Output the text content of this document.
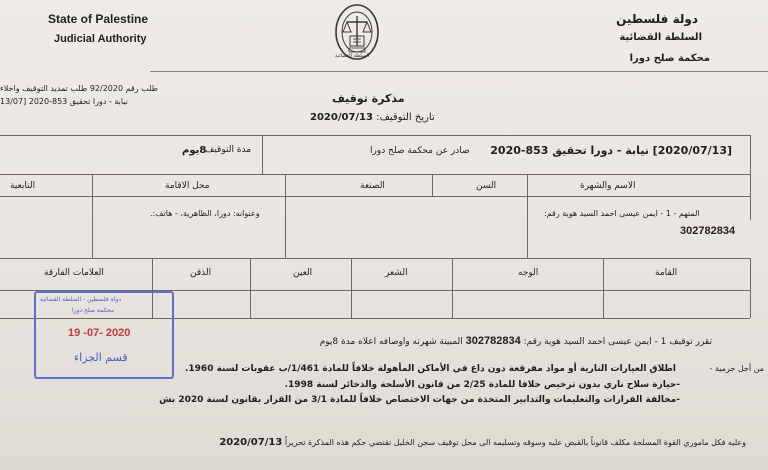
State of Palestine
Judicial Authority
دولة فلسطين
السلطة القضائية
محكمة صلح دورا
السلطة القضائية
طلب رقم 92/2020 طلب تمديد التوقيف واخلاء
نيابة - دورا تحقيق 853-2020 [13/07	مذكرة توقيف
تاريخ التوقيف: 2020/07/13
[2020/07/13] نيابة - دورا تحقيق 853-2020
صادر عن محكمة صلح دورا
مدة التوقيف
8يوم
الاسم والشهرة
السن
الصنعة
محل الاقامة
التابعية
المتهم - 1 - ايمن عيسى احمد السيد هوية رقم:
302782834
وعنوانه: دورا، الظاهرية، - هاتف:.
القامة
الوجه
الشعر
العين
الذقن
العلامات الفارقة
دولة فلسطين - السلطة القضائية
محكمة صلح دورا
19 -07- 2020
قسم الجزاء
تقرر توقيف 1 - ايمن عيسى احمد السيد هوية رقم: 302782834 المبينة شهرته واوصافه اعلاه مدة 8يوم
من أجل جرمية -
اطلاق العيارات النارية أو مواد مفرقعة دون داع في الأماكن المأهولة خلافاً للمادة 1/461/ب عقوبات لسنة 1960.
-حيازة سلاح ناري بدون ترخيص خلافا للمادة 2/25 من قانون الأسلحة والذخائر لسنة 1998.
-مخالفة القرارات والتعليمات والتدابير المتخذة من جهات الاختصاص خلافاً للمادة 3/1 من القرار بقانون لسنة 2020 بش
وعليه فكل ماموري القوة المسلحة مكلف قانوناً بالقبض عليه وسوقه وتسليمه الى محل توقيف سجن الخليل تقتضي حكم هذه المذكرة تحريراً 2020/07/13
